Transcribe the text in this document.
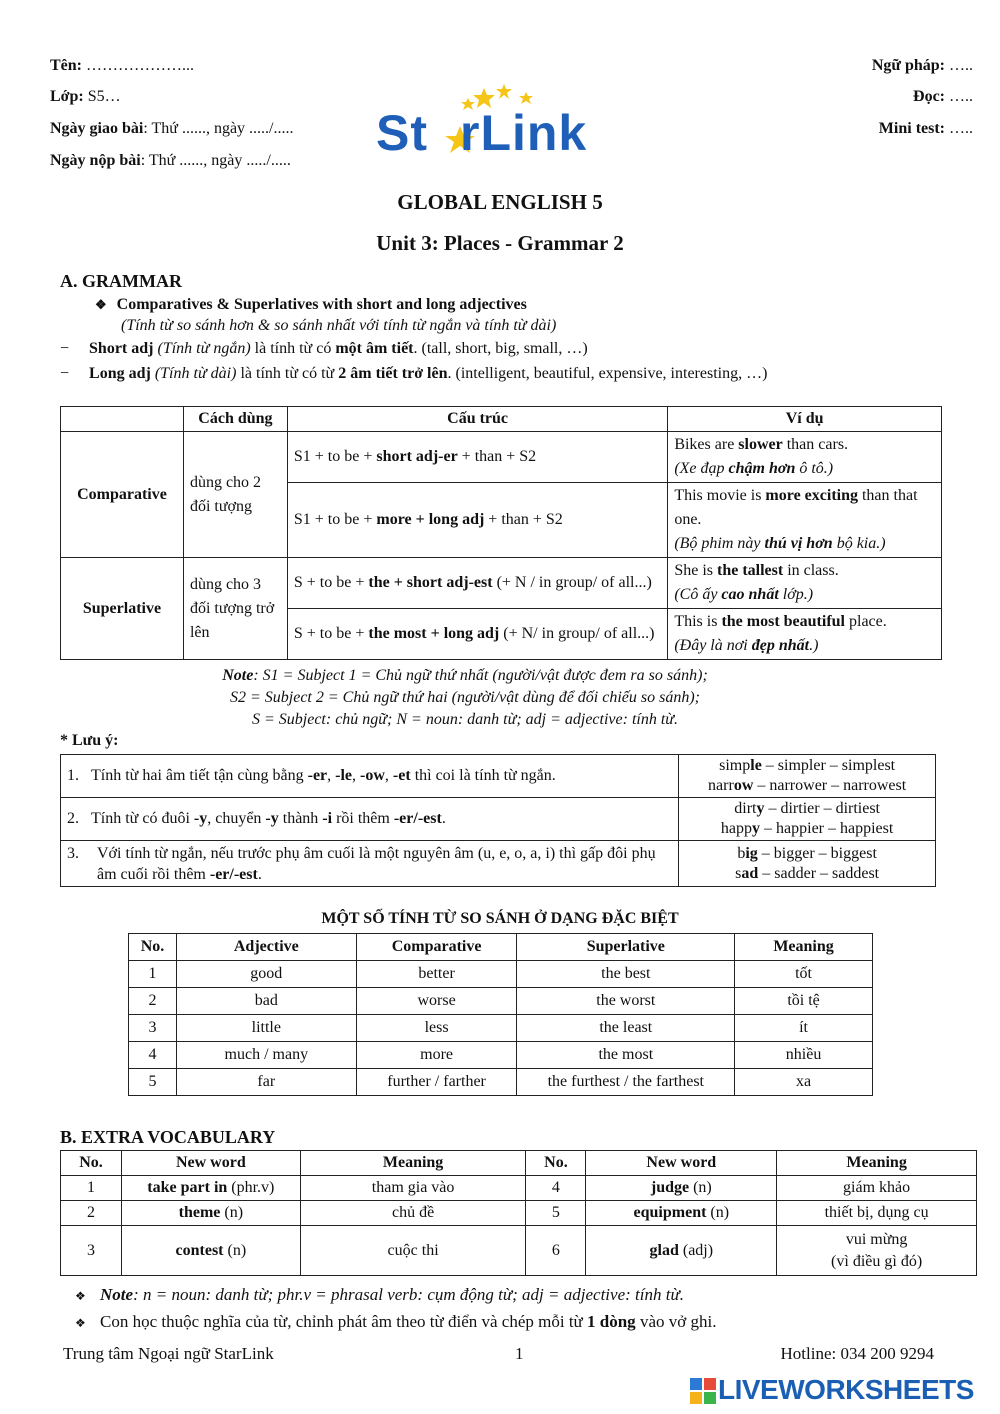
Tên: ………………...
Lớp: S5…
Ngày giao bài: Thứ ......, ngày ...../.....
Ngày nộp bài: Thứ ......, ngày ...../.....
Ngữ pháp: …..
Đọc: …..
Mini test: …..
St rLink
GLOBAL ENGLISH 5
Unit 3: Places - Grammar 2
A. GRAMMAR
❖ Comparatives & Superlatives with short and long adjectives
(Tính từ so sánh hơn & so sánh nhất với tính từ ngắn và tính từ dài)
− Short adj (Tính từ ngắn) là tính từ có một âm tiết. (tall, short, big, small, …)
− Long adj (Tính từ dài) là tính từ có từ 2 âm tiết trở lên. (intelligent, beautiful, expensive, interesting, …)
	Cách dùng	Cấu trúc	Ví dụ
Comparative	dùng cho 2 đối tượng	S1 + to be + short adj-er + than + S2	Bikes are slower than cars.
(Xe đạp chậm hơn ô tô.)
		S1 + to be + more + long adj + than + S2	This movie is more exciting than that one.
(Bộ phim này thú vị hơn bộ kia.)
Superlative	dùng cho 3 đối tượng trở lên	S + to be + the + short adj-est (+ N / in group/ of all...)	She is the tallest in class.
(Cô ấy cao nhất lớp.)
		S + to be + the most + long adj (+ N/ in group/ of all...)	This is the most beautiful place.
(Đây là nơi đẹp nhất.)
Note: S1 = Subject 1 = Chủ ngữ thứ nhất (người/vật được đem ra so sánh);
S2 = Subject 2 = Chủ ngữ thứ hai (người/vật dùng để đối chiếu so sánh);
S = Subject: chủ ngữ; N = noun: danh từ; adj = adjective: tính từ.
* Lưu ý:
1. Tính từ hai âm tiết tận cùng bằng -er, -le, -ow, -et thì coi là tính từ ngắn.	simple – simpler – simplest
narrow – narrower – narrowest
2. Tính từ có đuôi -y, chuyển -y thành -i rồi thêm -er/-est.	dirty – dirtier – dirtiest
happy – happier – happiest

3. Với tính từ ngắn, nếu trước phụ âm cuối là một nguyên âm (u, e, o, a, i) thì gấp đôi phụ âm cuối rồi thêm -er/-est.	big – bigger – biggest
sad – sadder – saddest
MỘT SỐ TÍNH TỪ SO SÁNH Ở DẠNG ĐẶC BIỆT
No.	Adjective	Comparative	Superlative	Meaning
1	good	better	the best	tốt
2	bad	worse	the worst	tồi tệ
3	little	less	the least	ít
4	much / many	more	the most	nhiều
5	far	further / farther	the furthest / the farthest	xa
B. EXTRA VOCABULARY
No.	New word	Meaning	No.	New word	Meaning
1	take part in (phr.v)	tham gia vào	4	judge (n)	giám khảo
2	theme (n)	chủ đề	5	equipment (n)	thiết bị, dụng cụ
3	contest (n)	cuộc thi	6	glad (adj)	vui mừng
(vì điều gì đó)
❖ Note: n = noun: danh từ; phr.v = phrasal verb: cụm động từ; adj = adjective: tính từ.
❖ Con học thuộc nghĩa của từ, chỉnh phát âm theo từ điển và chép mỗi từ 1 dòng vào vở ghi.
Trung tâm Ngoại ngữ StarLink	1	Hotline: 034 200 9294
LIVEWORKSHEETS
